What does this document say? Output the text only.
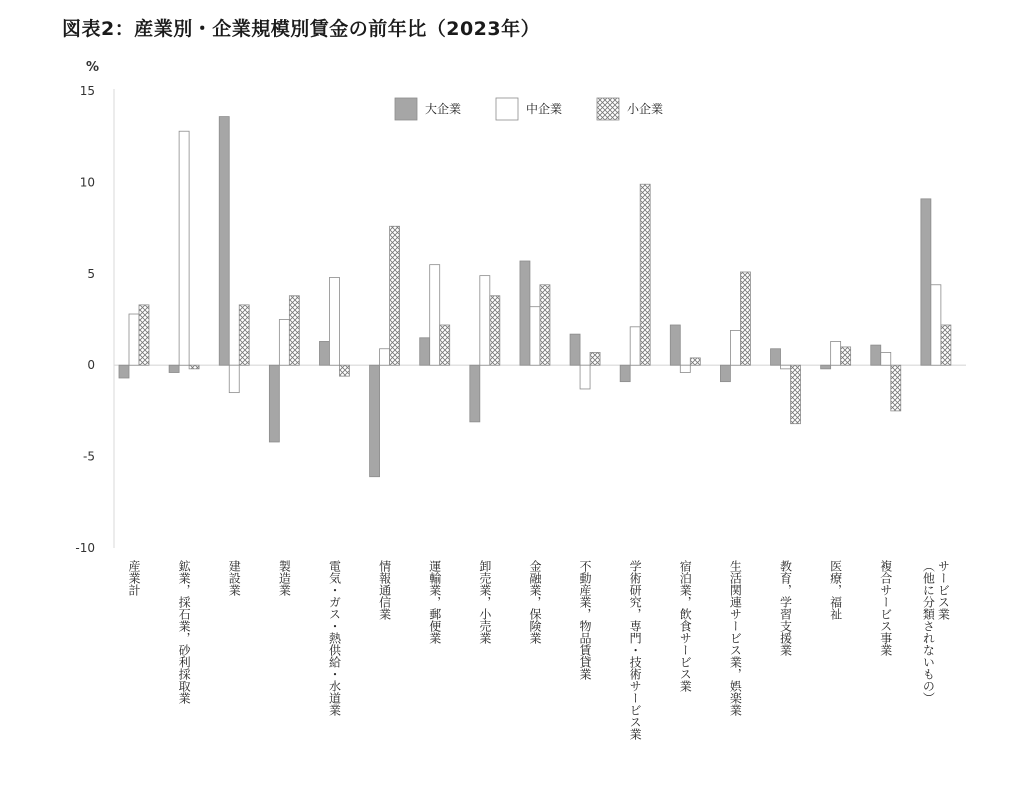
図表2：産業別・企業規模別賃金の前年比（2023年）
%
15
10
5
0
-5
-10
大企業	中企業	小企業
産業計	鉱業，採石業，砂利採取業	建設業	製造業	電気・ガス・熱供給・水道業	情報通信業	運輸業，郵便業	卸売業，小売業	金融業，保険業	不動産業，物品賃貸業	学術研究，専門・技術サービス業	宿泊業，飲食サービス業	生活関連サービス業，娯楽業	教育，学習支援業	医療，福祉	複合サービス事業	サービス業
（他に分類されないもの）
